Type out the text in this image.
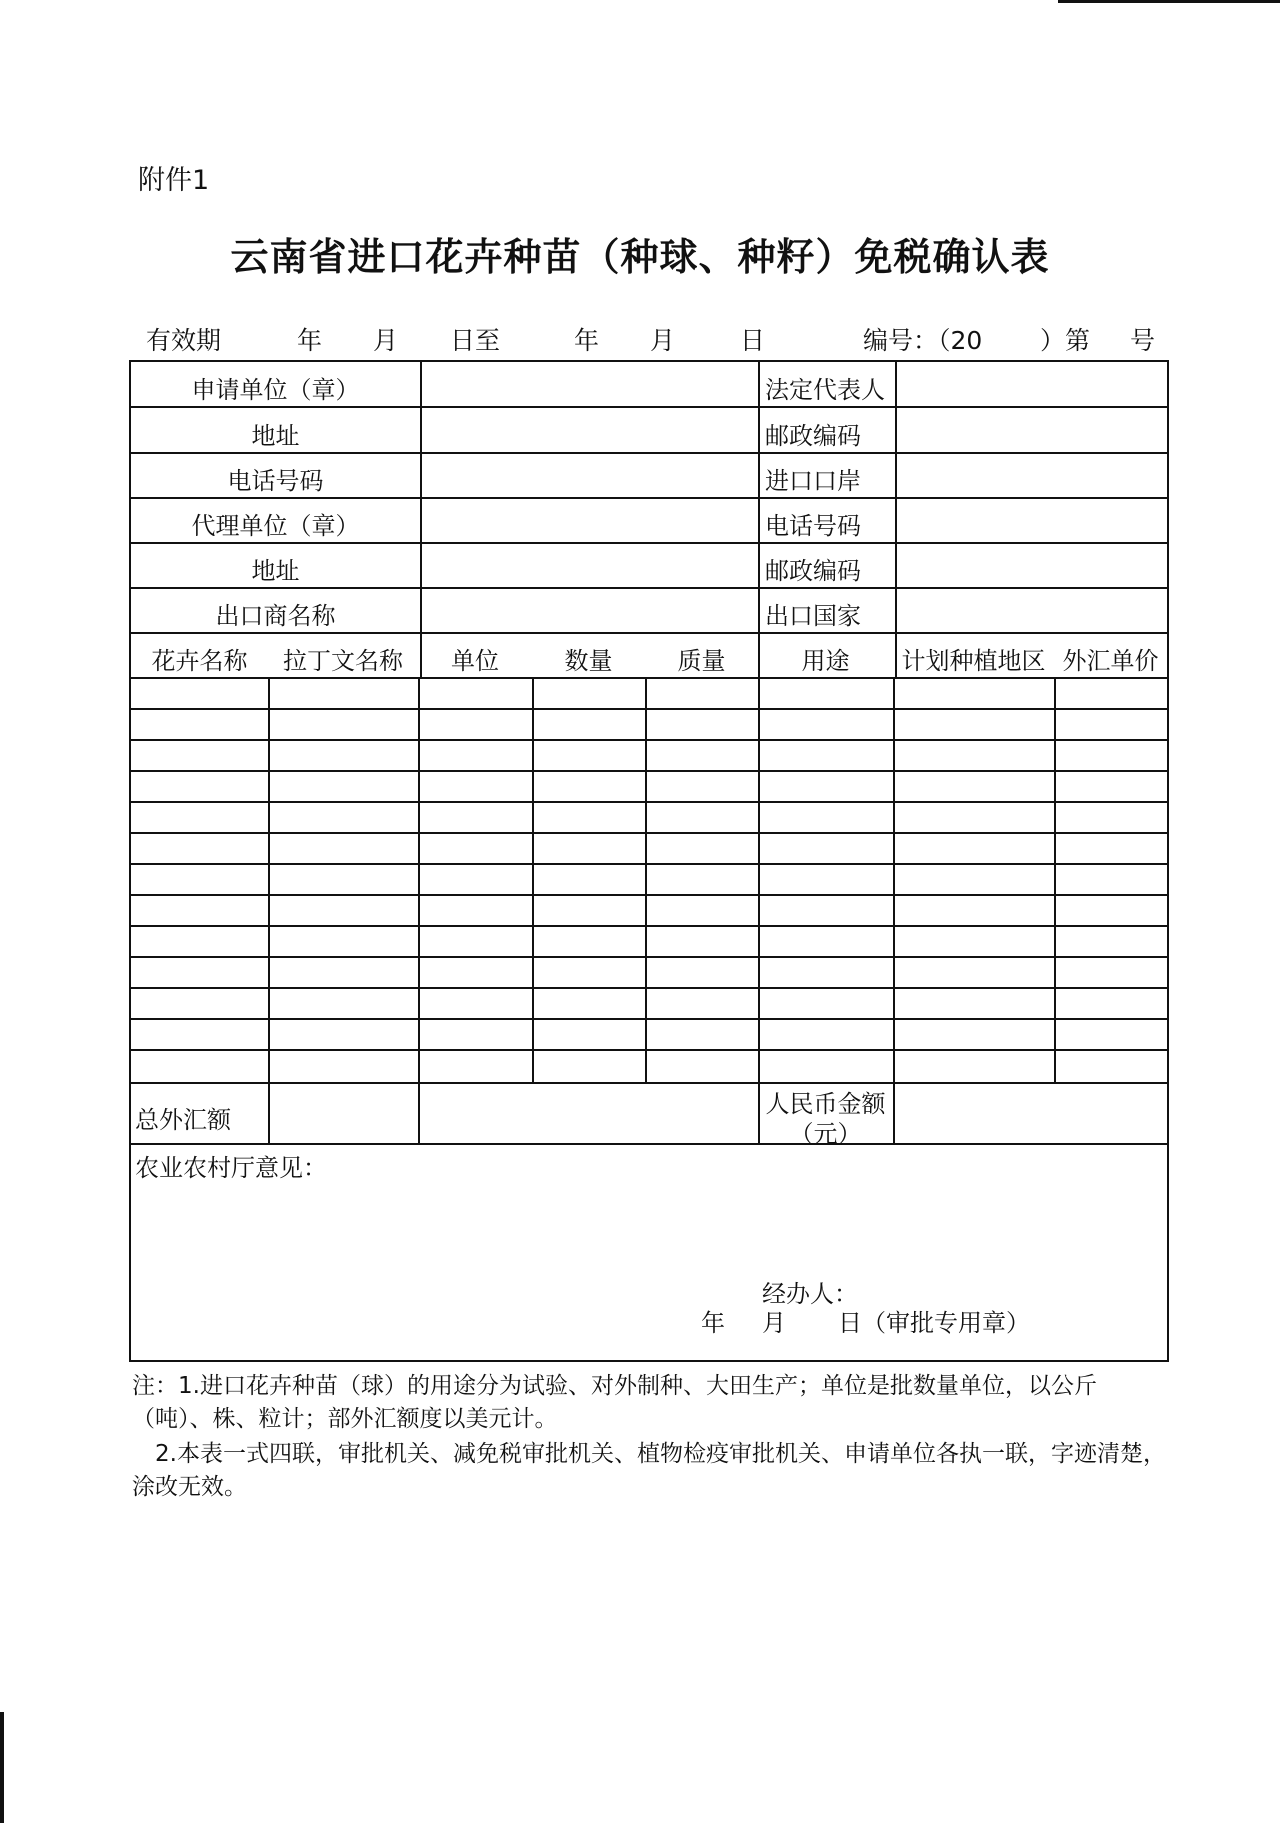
附件1
云南省进口花卉种苗（种球、种籽）免税确认表
有效期	年 月 日至	年 月	日	编号：（20 ）第 号
申请单位（章）	法定代表人
地址	邮政编码
电话号码	进口口岸
代理单位（章）	电话号码
地址	邮政编码
出口商名称	出口国家
花卉名称	拉丁文名称	单位	数量	质量	用途	计划种植地区 外汇单价
总外汇额
人民币金额
（元）
农业农村厅意见：
经办人：
年 月 日（审批专用章）

注：1.进口花卉种苗（球）的用途分为试验、对外制种、大田生产；单位是批数量单位，以公斤（吨）、株、粒计；部外汇额度以美元计。

2.本表一式四联，审批机关、减免税审批机关、植物检疫审批机关、申请单位各执一联，字迹清楚，涂改无效。
